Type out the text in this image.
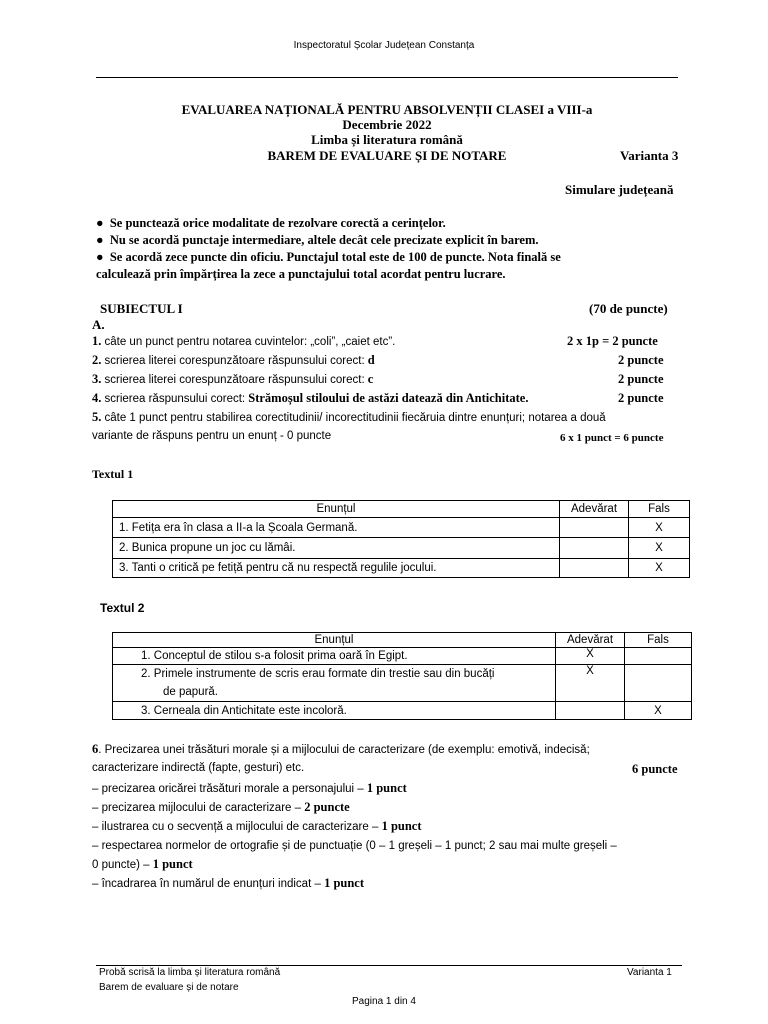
Inspectoratul Școlar Județean Constanța
EVALUAREA NAȚIONALĂ PENTRU ABSOLVENȚII CLASEI a VIII-a
Decembrie 2022
Limba și literatura română
BAREM DE EVALUARE ȘI DE NOTARE	Varianta 3
Simulare județeană
●  Se punctează orice modalitate de rezolvare corectă a cerințelor.
●  Nu se acordă punctaje intermediare, altele decât cele precizate explicit în barem.
●  Se acordă zece puncte din oficiu. Punctajul total este de 100 de puncte. Nota finală se
calculează prin împărțirea la zece a punctajului total acordat pentru lucrare.
SUBIECTUL I	(70 de puncte)
A.
1. câte un punct pentru notarea cuvintelor: „coli”, „caiet etc”.	2 x 1p = 2 puncte
2. scrierea literei corespunzătoare răspunsului corect: d	2 puncte
3. scrierea literei corespunzătoare răspunsului corect: c	2 puncte
4. scrierea răspunsului corect: Strămoșul stiloului de astăzi datează din Antichitate.	2 puncte
5. câte 1 punct pentru stabilirea corectitudinii/ incorectitudinii fiecăruia dintre enunțuri; notarea a două
variante de răspuns pentru un enunț - 0 puncte	6 x 1 punct = 6 puncte
Textul 1
Enunțul	Adevărat	Fals
1. Fetița era în clasa a II-a la Școala Germană.		X
2. Bunica propune un joc cu lămâi.		X
3. Tanti o critică pe fetiță pentru că nu respectă regulile jocului.		X
Textul 2
Enunțul	Adevărat	Fals
1. Conceptul de stilou s-a folosit prima oară în Egipt.	X	
2. Primele instrumente de scris erau formate din trestie sau din bucăți
de papură.	X	
3. Cerneala din Antichitate este incoloră.		X
6. Precizarea unei trăsături morale și a mijlocului de caracterizare (de exemplu: emotivă, indecisă;
caracterizare indirectă (fapte, gesturi) etc.	6 puncte
– precizarea oricărei trăsături morale a personajului – 1 punct
– precizarea mijlocului de caracterizare – 2 puncte
– ilustrarea cu o secvență a mijlocului de caracterizare – 1 punct
– respectarea normelor de ortografie și de punctuație (0 – 1 greșeli – 1 punct; 2 sau mai multe greșeli –
0 puncte) – 1 punct
– încadrarea în numărul de enunțuri indicat – 1 punct
Probă scrisă la limba și literatura română
Barem de evaluare și de notare
Varianta 1
Pagina 1 din 4
